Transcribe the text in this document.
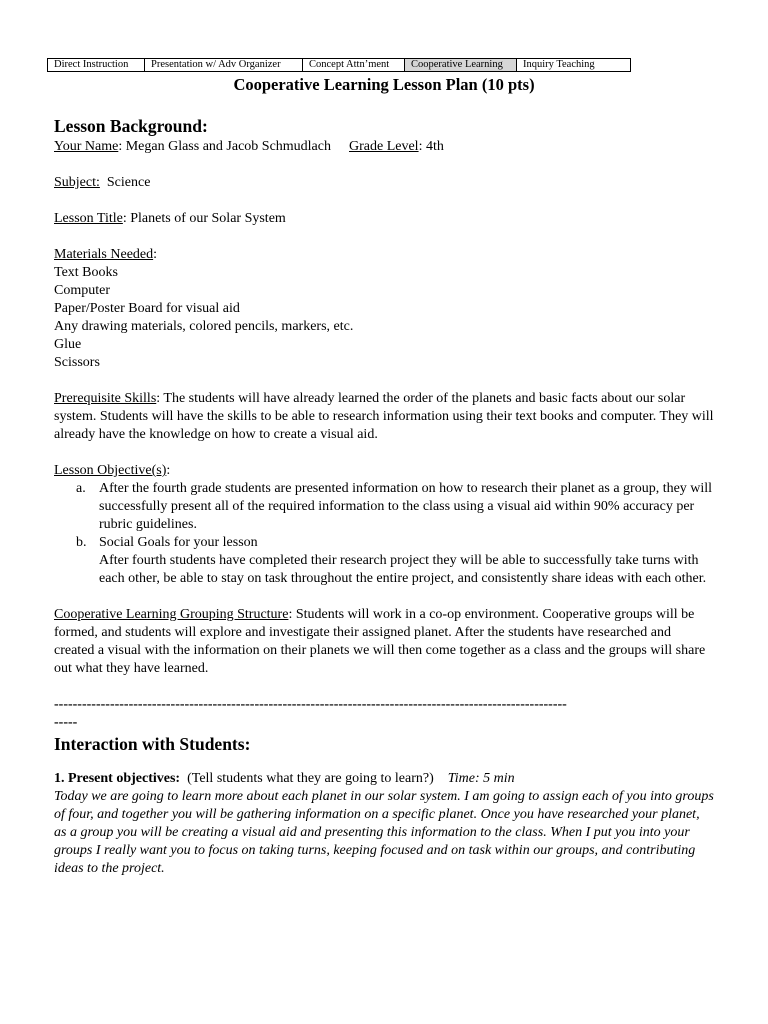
Direct Instruction	Presentation w/ Adv Organizer	Concept Attn’ment	Cooperative Learning	Inquiry Teaching
Cooperative Learning Lesson Plan (10 pts)
Lesson Background:

Your Name: Megan Glass and Jacob Schmudlach Grade Level: 4th

Subject:  Science

Lesson Title: Planets of our Solar System

Materials Needed:

Text Books

Computer

Paper/Poster Board for visual aid

Any drawing materials, colored pencils, markers, etc.

Glue

Scissors

Prerequisite Skills: The students will have already learned the order of the planets and basic facts about our solar system. Students will have the skills to be able to research information using their text books and computer. They will already have the knowledge on how to create a visual aid.

Lesson Objective(s):

a. After the fourth grade students are presented information on how to research their planet as a group, they will successfully present all of the required information to the class using a visual aid within 90% accuracy per rubric guidelines.
b. Social Goals for your lesson
After fourth students have completed their research project they will be able to successfully take turns with each other, be able to stay on task throughout the entire project, and consistently share ideas with each other.

Cooperative Learning Grouping Structure: Students will work in a co-op environment. Cooperative groups will be formed, and students will explore and investigate their assigned planet. After the students have researched and created a visual with the information on their planets we will then come together as a class and the groups will share out what they have learned.

--------------------------------------------------------------------------------------------------------------
-----
Interaction with Students:

1. Present objectives:  (Tell students what they are going to learn?) Time: 5 min

Today we are going to learn more about each planet in our solar system. I am going to assign each of you into groups of four, and together you will be gathering information on a specific planet. Once you have researched your planet, as a group you will be creating a visual aid and presenting this information to the class. When I put you into your groups I really want you to focus on taking turns, keeping focused and on task within our groups, and contributing ideas to the project.
